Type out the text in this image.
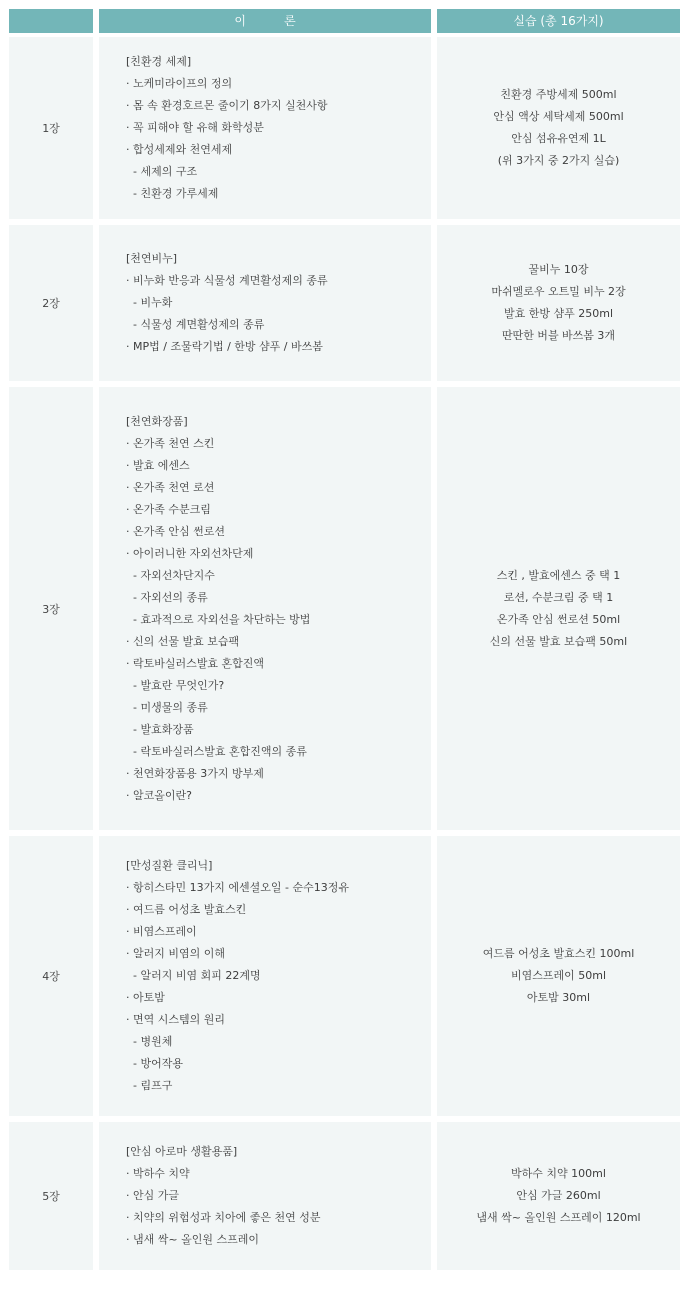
이          론	실습 (총 16가지)
1장
[친환경 세제]
· 노케미라이프의 정의
· 몸 속 환경호르몬 줄이기 8가지 실천사항
· 꼭 피해야 할 유해 화학성분
· 합성세제와 천연세제
- 세제의 구조
- 친환경 가루세제
친환경 주방세제 500ml
안심 액상 세탁세제 500ml
안심 섬유유연제 1L
(위 3가지 중 2가지 실습)
2장
[천연비누]
· 비누화 반응과 식물성 계면활성제의 종류
- 비누화
- 식물성 계면활성제의 종류
· MP법 / 조물락기법 / 한방 샴푸 / 바쓰봄
꿀비누 10장
마쉬멜로우 오트밀 비누 2장
발효 한방 샴푸 250ml
딴딴한 버블 바쓰봄 3개
3장
[천연화장품]
· 온가족 천연 스킨
· 발효 에센스
· 온가족 천연 로션
· 온가족 수분크림
· 온가족 안심 썬로션
· 아이러니한 자외선차단제
- 자외선차단지수
- 자외선의 종류
- 효과적으로 자외선을 차단하는 방법
· 신의 선물 발효 보습팩
· 락토바실러스발효 혼합진액
- 발효란 무엇인가?
- 미생물의 종류
- 발효화장품
- 락토바실러스발효 혼합진액의 종류
· 천연화장품용 3가지 방부제
· 알코올이란?
스킨 , 발효에센스 중 택 1
로션, 수분크림 중 택 1
온가족 안심 썬로션 50ml
신의 선물 발효 보습팩 50ml
4장
[만성질환 클리닉]
· 항히스타민 13가지 에센셜오일 - 순수13정유
· 여드름 어성초 발효스킨
· 비염스프레이
· 알러지 비염의 이해
- 알러지 비염 회피 22계명
· 아토밤
· 면역 시스템의 원리
- 병원체
- 방어작용
- 림프구
여드름 어성초 발효스킨 100ml
비염스프레이 50ml
아토밤 30ml
5장
[안심 아로마 생활용품]
· 박하수 치약
· 안심 가글
· 치약의 위험성과 치아에 좋은 천연 성분
· 냄새 싹~ 올인원 스프레이
박하수 치약 100ml
안심 가글 260ml
냄새 싹~ 올인원 스프레이 120ml
